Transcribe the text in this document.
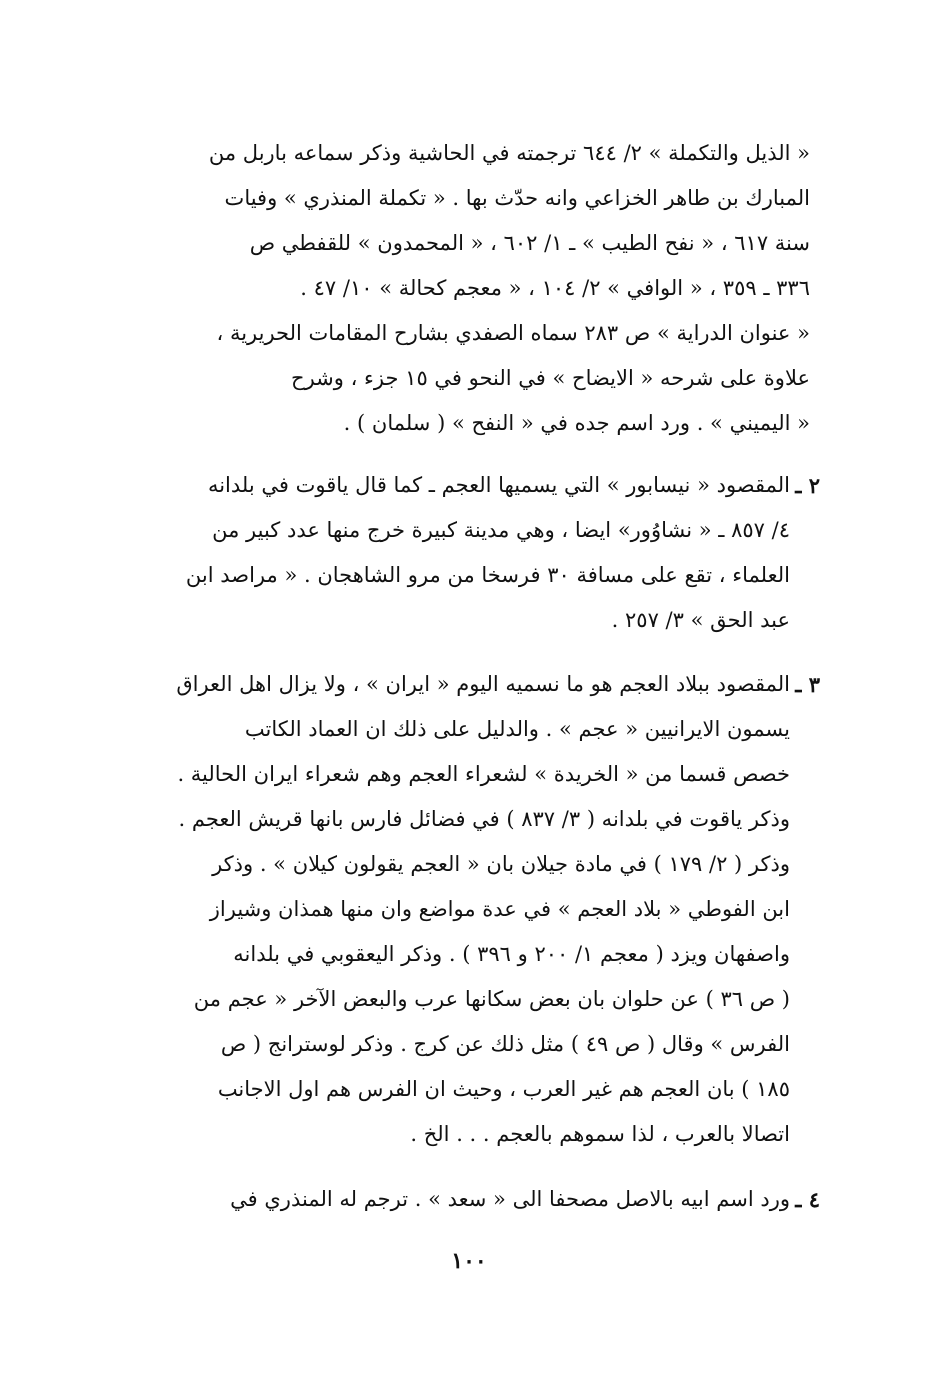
« الذيل والتكملة » ٢/ ٦٤٤ ترجمته في الحاشية وذكر سماعه باربل من
المبارك بن طاهر الخزاعي وانه حدّث بها . « تكملة المنذري » وفيات
سنة ٦١٧ ، « نفح الطيب » ـ ١/ ٦٠٢ ، « المحمدون » للقفطي ص
٣٣٦ ـ ٣٥٩ ، « الوافي » ٢/ ١٠٤ ، « معجم كحالة » ١٠/ ٤٧ .
« عنوان الدراية » ص ٢٨٣ سماه الصفدي بشارح المقامات الحريرية ،
علاوة على شرحه « الايضاح » في النحو في ١٥ جزء ، وشرح
« اليميني » . ورد اسم جده في « النفح » ( سلمان ) .
٢ ـ
المقصود « نيسابور » التي يسميها العجم ـ كما قال ياقوت في بلدانه
٤/ ٨٥٧ ـ « نشاوُور» ايضا ، وهي مدينة كبيرة خرج منها عدد كبير من
العلماء ، تقع على مسافة ٣٠ فرسخا من مرو الشاهجان . « مراصد ابن
عبد الحق » ٣/ ٢٥٧ .
٣ ـ
المقصود ببلاد العجم هو ما نسميه اليوم « ايران » ، ولا يزال اهل العراق
يسمون الايرانيين « عجم » . والدليل على ذلك ان العماد الكاتب
خصص قسما من « الخريدة » لشعراء العجم وهم شعراء ايران الحالية .
وذكر ياقوت في بلدانه ( ٣/ ٨٣٧ ) في فضائل فارس بانها قريش العجم .
وذكر ( ٢/ ١٧٩ ) في مادة جيلان بان « العجم يقولون كيلان » . وذكر
ابن الفوطي « بلاد العجم » في عدة مواضع وان منها همذان وشيراز
واصفهان ويزد ( معجم ١/ ٢٠٠ و ٣٩٦ ) . وذكر اليعقوبي في بلدانه
( ص ٣٦ ) عن حلوان بان بعض سكانها عرب والبعض الآخر « عجم من
الفرس » وقال ( ص ٤٩ ) مثل ذلك عن كرج . وذكر لوسترانج ( ص
١٨٥ ) بان العجم هم غير العرب ، وحيث ان الفرس هم اول الاجانب
اتصالا بالعرب ، لذا سموهم بالعجم . . . الخ .
٤ ـ
ورد اسم ابيه بالاصل مصحفا الى « سعد » . ترجم له المنذري في
١٠٠
